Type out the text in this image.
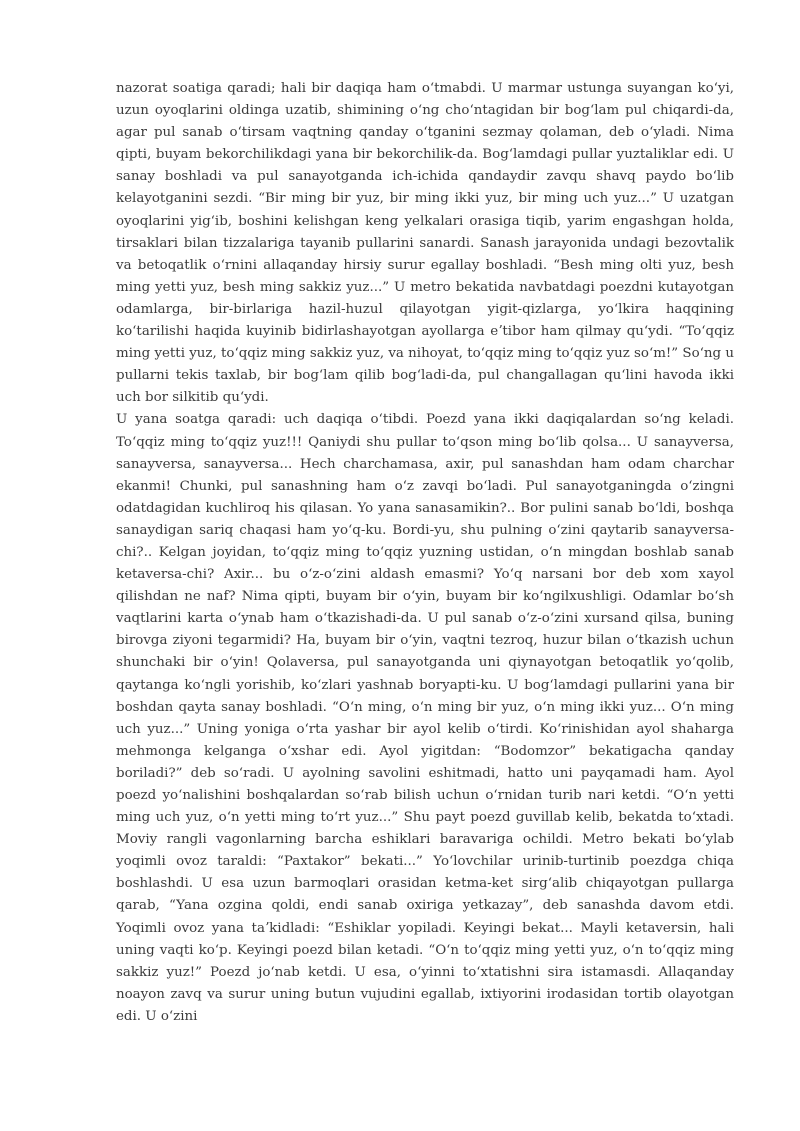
nazorat soatiga qaradi; hali bir daqiqa ham oʻtmabdi. U marmar ustunga suyangan koʻyi, uzun oyoqlarini oldinga uzatib, shimining oʻng choʻntagidan bir bogʻlam pul chiqardi-da, agar pul sanab oʻtirsam vaqtning qanday oʻtganini sezmay qolaman, deb oʻyladi. Nima qipti, buyam bekorchilikdagi yana bir bekorchilik-da. Bogʻlamdagi pullar yuztaliklar edi. U sanay boshladi va pul sanayotganda ich-ichida qandaydir zavqu shavq paydo boʻlib kelayotganini sezdi. “Bir ming bir yuz, bir ming ikki yuz, bir ming uch yuz...” U uzatgan oyoqlarini yigʻib, boshini kelishgan keng yelkalari orasiga tiqib, yarim engashgan holda, tirsaklari bilan tizzalariga tayanib pullarini sanardi. Sanash jarayonida undagi bezovtalik va betoqatlik oʻrnini allaqanday hirsiy surur egallay boshladi. “Besh ming olti yuz, besh ming yetti yuz, besh ming sakkiz yuz...” U metro bekatida navbatdagi poezdni kutayotgan odamlarga, bir-birlariga hazil-huzul qilayotgan yigit-qizlarga, yoʻlkira haqqining koʻtarilishi haqida kuyinib bidirlashayotgan ayollarga eʼtibor ham qilmay quʻydi. “Toʻqqiz ming yetti yuz, toʻqqiz ming sakkiz yuz, va nihoyat, toʻqqiz ming toʻqqiz yuz soʻm!” Soʻng u pullarni tekis taxlab, bir bogʻlam qilib bogʻladi-da, pul changallagan quʻlini havoda ikki uch bor silkitib quʻydi.

U yana soatga qaradi: uch daqiqa oʻtibdi. Poezd yana ikki daqiqalardan soʻng keladi. Toʻqqiz ming toʻqqiz yuz!!! Qaniydi shu pullar toʻqson ming boʻlib qolsa... U sanayversa, sanayversa, sanayversa... Hech charchamasa, axir, pul sanashdan ham odam charchar ekanmi! Chunki, pul sanashning ham oʻz zavqi boʻladi. Pul sanayotganingda oʻzingni odatdagidan kuchliroq his qilasan. Yo yana sanasamikin?.. Bor pulini sanab boʻldi, boshqa sanaydigan sariq chaqasi ham yoʻq-ku. Bordi-yu, shu pulning oʻzini qaytarib sanayversa-chi?.. Kelgan joyidan, toʻqqiz ming toʻqqiz yuzning ustidan, oʻn mingdan boshlab sanab ketaversa-chi? Axir... bu oʻz-oʻzini aldash emasmi? Yoʻq narsani bor deb xom xayol qilishdan ne naf? Nima qipti, buyam bir oʻyin, buyam bir koʻngilxushligi. Odamlar boʻsh vaqtlarini karta oʻynab ham oʻtkazishadi-da. U pul sanab oʻz-oʻzini xursand qilsa, buning birovga ziyoni tegarmidi? Ha, buyam bir oʻyin, vaqtni tezroq, huzur bilan oʻtkazish uchun shunchaki bir oʻyin! Qolaversa, pul sanayotganda uni qiynayotgan betoqatlik yoʻqolib, qaytanga koʻngli yorishib, koʻzlari yashnab boryapti-ku. U bogʻlamdagi pullarini yana bir boshdan qayta sanay boshladi. “Oʻn ming, oʻn ming bir yuz, oʻn ming ikki yuz... Oʻn ming uch yuz...” Uning yoniga oʻrta yashar bir ayol kelib oʻtirdi. Koʻrinishidan ayol shaharga mehmonga kelganga oʻxshar edi. Ayol yigitdan: “Bodomzor” bekatigacha qanday boriladi?” deb soʻradi. U ayolning savolini eshitmadi, hatto uni payqamadi ham. Ayol poezd yoʻnalishini boshqalardan soʻrab bilish uchun oʻrnidan turib nari ketdi. “Oʻn yetti ming uch yuz, oʻn yetti ming toʻrt yuz...” Shu payt poezd guvillab kelib, bekatda toʻxtadi. Moviy rangli vagonlarning barcha eshiklari baravariga ochildi. Metro bekati boʻylab yoqimli ovoz taraldi: “Paxtakor” bekati...” Yoʻlovchilar urinib-turtinib poezdga chiqa boshlashdi. U esa uzun barmoqlari orasidan ketma-ket sirgʻalib chiqayotgan pullarga qarab, “Yana ozgina qoldi, endi sanab oxiriga yetkazay”, deb sanashda davom etdi. Yoqimli ovoz yana taʼkidladi: “Eshiklar yopiladi. Keyingi bekat... Mayli ketaversin, hali uning vaqti koʻp. Keyingi poezd bilan ketadi. “Oʻn toʻqqiz ming yetti yuz, oʻn toʻqqiz ming sakkiz yuz!” Poezd joʻnab ketdi. U esa, oʻyinni toʻxtatishni sira istamasdi. Allaqanday noayon zavq va surur uning butun vujudini egallab, ixtiyorini irodasidan tortib olayotgan edi. U oʻzini
